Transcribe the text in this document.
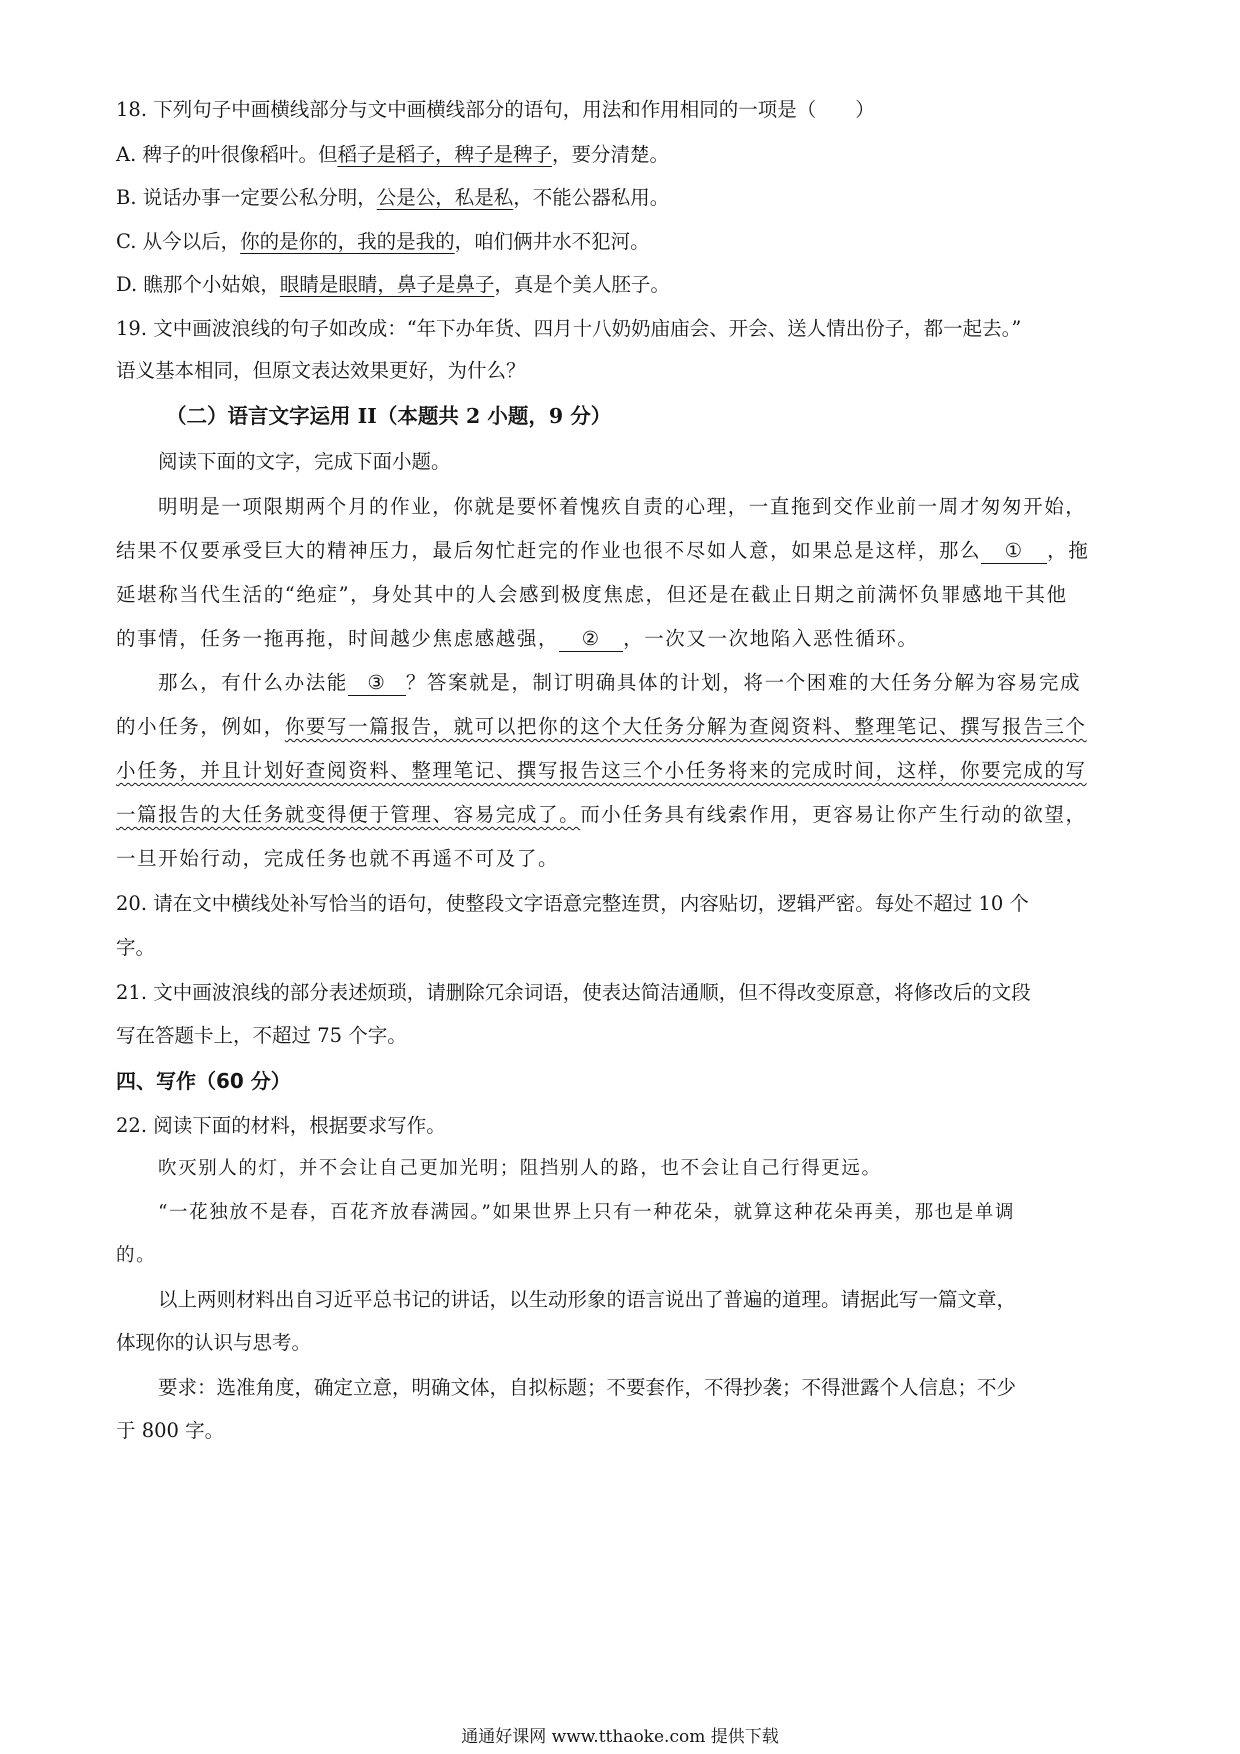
18. 下列句子中画横线部分与文中画横线部分的语句，用法和作用相同的一项是（　　）
A. 稗子的叶很像稻叶。但稻子是稻子，稗子是稗子，要分清楚。
B. 说话办事一定要公私分明，公是公，私是私，不能公器私用。
C. 从今以后，你的是你的，我的是我的，咱们俩井水不犯河。
D. 瞧那个小姑娘，眼睛是眼睛，鼻子是鼻子，真是个美人胚子。
19. 文中画波浪线的句子如改成：“年下办年货、四月十八奶奶庙庙会、开会、送人情出份子，都一起去。”
语义基本相同，但原文表达效果更好，为什么？
（二）语言文字运用 II（本题共 2 小题，9 分）
阅读下面的文字，完成下面小题。
明明是一项限期两个月的作业，你就是要怀着愧疚自责的心理，一直拖到交作业前一周才匆匆开始，
结果不仅要承受巨大的精神压力，最后匆忙赶完的作业也很不尽如人意，如果总是这样，那么 ① ，拖
延堪称当代生活的“绝症”，身处其中的人会感到极度焦虑，但还是在截止日期之前满怀负罪感地干其他
的事情，任务一拖再拖，时间越少焦虑感越强， ② ，一次又一次地陷入恶性循环。
那么，有什么办法能 ③ ？答案就是，制订明确具体的计划，将一个困难的大任务分解为容易完成
的小任务，例如，你要写一篇报告，就可以把你的这个大任务分解为查阅资料、整理笔记、撰写报告三个
小任务，并且计划好查阅资料、整理笔记、撰写报告这三个小任务将来的完成时间，这样，你要完成的写
一篇报告的大任务就变得便于管理、容易完成了。而小任务具有线索作用，更容易让你产生行动的欲望，
一旦开始行动，完成任务也就不再遥不可及了。
20. 请在文中横线处补写恰当的语句，使整段文字语意完整连贯，内容贴切，逻辑严密。每处不超过 10 个
字。
21. 文中画波浪线的部分表述烦琐，请删除冗余词语，使表达简洁通顺，但不得改变原意，将修改后的文段
写在答题卡上，不超过 75 个字。
四、写作（60 分）
22. 阅读下面的材料，根据要求写作。
吹灭别人的灯，并不会让自己更加光明；阻挡别人的路，也不会让自己行得更远。
“一花独放不是春，百花齐放春满园。”如果世界上只有一种花朵，就算这种花朵再美，那也是单调
的。
以上两则材料出自习近平总书记的讲话，以生动形象的语言说出了普遍的道理。请据此写一篇文章，
体现你的认识与思考。
要求：选准角度，确定立意，明确文体，自拟标题；不要套作，不得抄袭；不得泄露个人信息；不少
于 800 字。
通通好课网 www.tthaoke.com 提供下载
